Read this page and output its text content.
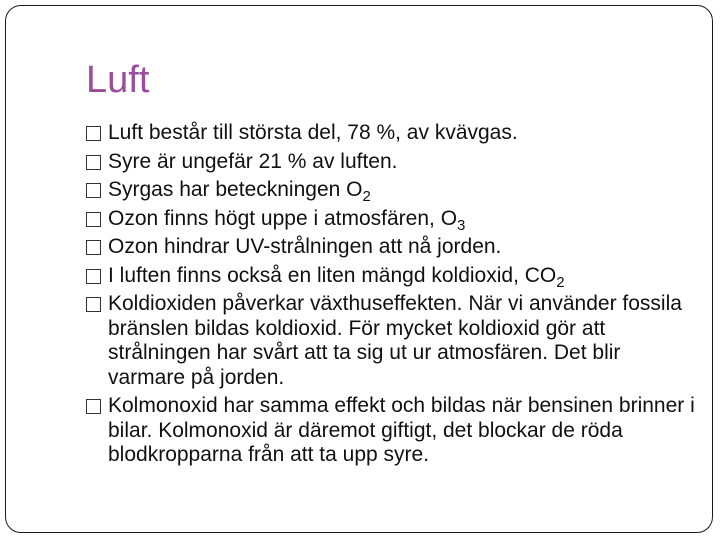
Luft
Luft består till största del, 78 %, av kvävgas.
Syre är ungefär 21 % av luften.
Syrgas har beteckningen $O_2$
Ozon finns högt uppe i atmosfären, $O_3$
Ozon hindrar UV-strålningen att nå jorden.
I luften finns också en liten mängd koldioxid, $CO_2$
Koldioxiden påverkar växthuseffekten. När vi använder fossila bränslen bildas koldioxid. För mycket koldioxid gör att strålningen har svårt att ta sig ut ur atmosfären. Det blir varmare på jorden.
Kolmonoxid har samma effekt och bildas när bensinen brinner i bilar. Kolmonoxid är däremot giftigt, det blockar de röda blodkropparna från att ta upp syre.
